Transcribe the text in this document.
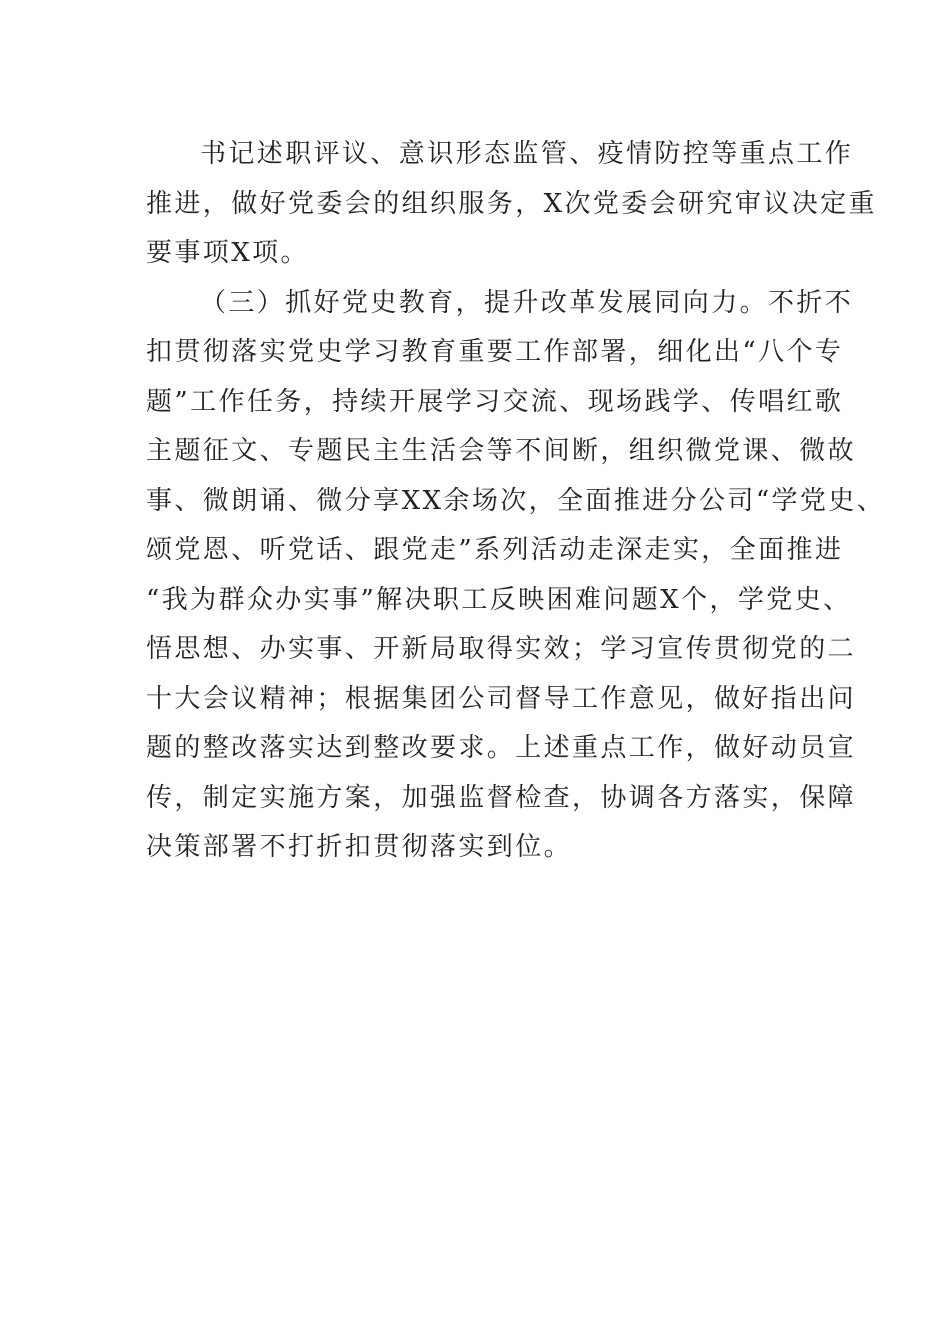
书记述职评议、意识形态监管、疫情防控等重点工作
推进，做好党委会的组织服务，X次党委会研究审议决定重
要事项X项。
（三）抓好党史教育，提升改革发展同向力。不折不
扣贯彻落实党史学习教育重要工作部署，细化出“八个专
题”工作任务，持续开展学习交流、现场践学、传唱红歌
主题征文、专题民主生活会等不间断，组织微党课、微故
事、微朗诵、微分享XX余场次，全面推进分公司“学党史、
颂党恩、听党话、跟党走”系列活动走深走实，全面推进
“我为群众办实事”解决职工反映困难问题X个，学党史、
悟思想、办实事、开新局取得实效；学习宣传贯彻党的二
十大会议精神；根据集团公司督导工作意见，做好指出问
题的整改落实达到整改要求。上述重点工作，做好动员宣
传，制定实施方案，加强监督检查，协调各方落实，保障
决策部署不打折扣贯彻落实到位。
